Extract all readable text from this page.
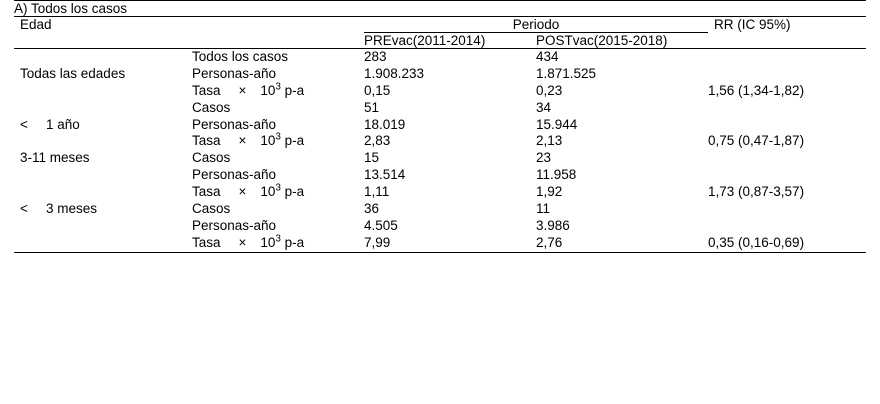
A) Todos los casos				
Edad		Periodo		RR (IC 95%)
		PREvac(2011-2014)	POSTvac(2015-2018)	
	Todos los casos	283	434	
Todas las edades	Personas-año	1.908.233	1.871.525	
	Tasa × $10^3$ p-a	0,15	0,23	1,56 (1,34-1,82)
	Casos	51	34	
< 1 año	Personas-año	18.019	15.944	
	Tasa × $10^3$ p-a	2,83	2,13	0,75 (0,47-1,87)
3-11 meses	Casos	15	23	
	Personas-año	13.514	11.958	
	Tasa × $10^3$ p-a	1,11	1,92	1,73 (0,87-3,57)
< 3 meses	Casos	36	11	
	Personas-año	4.505	3.986	
	Tasa × $10^3$ p-a	7,99	2,76	0,35 (0,16-0,69)
